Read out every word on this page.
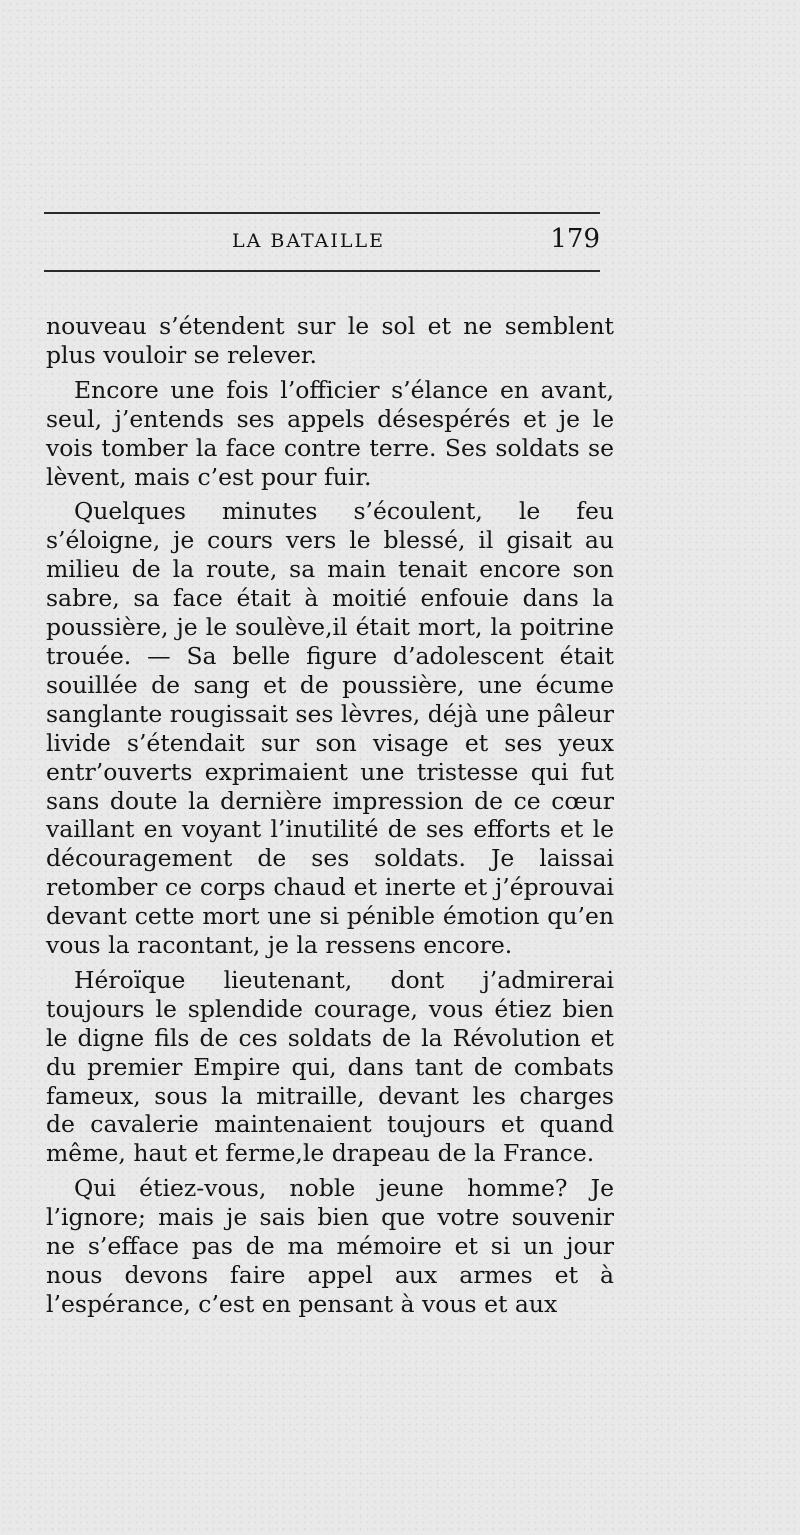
LA BATAILLE	179

nouveau s’étendent sur le sol et ne semblent plus vouloir se relever.

Encore une fois l’officier s’élance en avant, seul, j’entends ses appels désespérés et je le vois tomber la face contre terre. Ses soldats se lèvent, mais c’est pour fuir.

Quelques minutes s’écoulent, le feu s’éloigne, je cours vers le blessé, il gisait au milieu de la route, sa main tenait encore son sabre, sa face était à moitié enfouie dans la poussière, je le soulève,il était mort, la poitrine trouée. — Sa belle figure d’adolescent était souillée de sang et de poussière, une écume sanglante rougissait ses lèvres, déjà une pâleur livide s’étendait sur son visage et ses yeux entr’ouverts exprimaient une tristesse qui fut sans doute la dernière impression de ce cœur vaillant en voyant l’inutilité de ses efforts et le découragement de ses soldats. Je laissai retomber ce corps chaud et inerte et j’éprouvai devant cette mort une si pénible émotion qu’en vous la racontant, je la ressens encore.

Héroïque lieutenant, dont j’admirerai toujours le splendide courage, vous étiez bien le digne fils de ces soldats de la Révolution et du premier Empire qui, dans tant de combats fameux, sous la mitraille, devant les charges de cavalerie maintenaient toujours et quand même, haut et ferme,le drapeau de la France.

Qui étiez-vous, noble jeune homme? Je l’ignore; mais je sais bien que votre souvenir ne s’efface pas de ma mémoire et si un jour nous devons faire appel aux armes et à l’espérance, c’est en pensant à vous et aux
